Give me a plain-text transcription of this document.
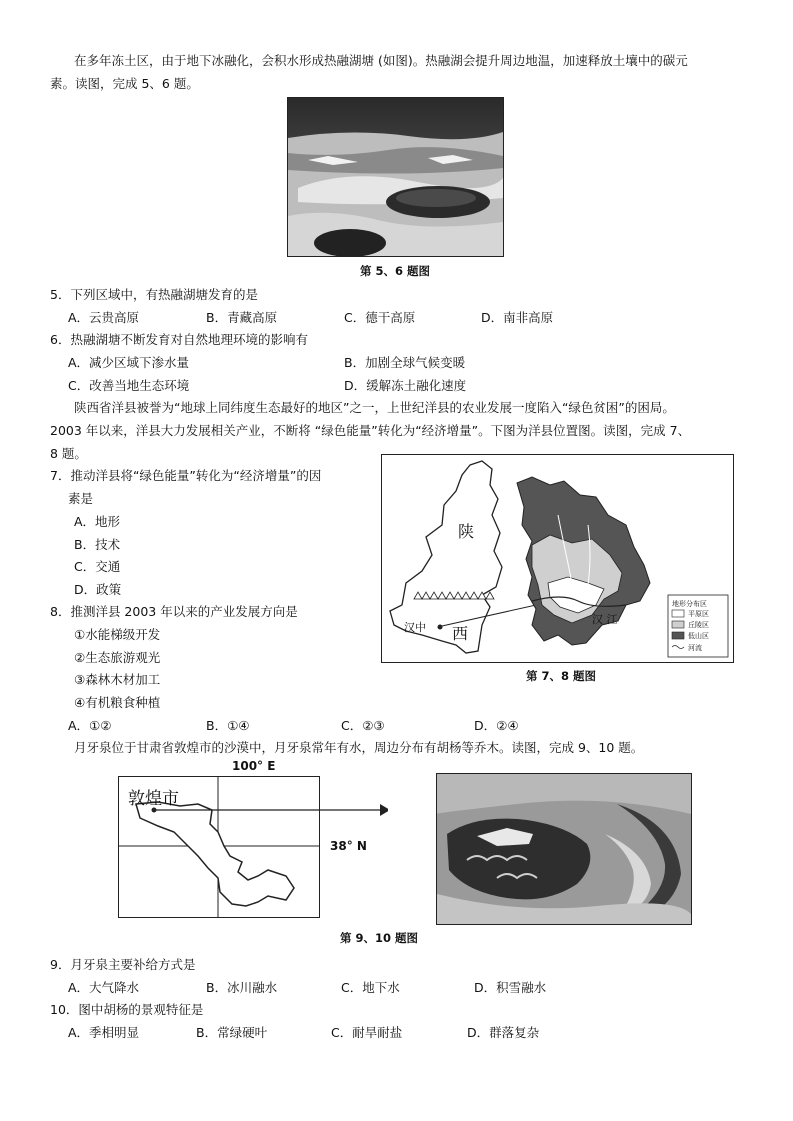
在多年冻土区，由于地下冰融化，会积水形成热融湖塘 (如图)。热融湖会提升周边地温，加速释放土壤中的碳元
素。读图，完成 5、6 题。
第 5、6 题图
5．下列区域中，有热融湖塘发育的是
A．云贵高原	B．青藏高原	C．德干高原	D．南非高原
6．热融湖塘不断发育对自然地理环境的影响有
A．减少区域下渗水量	B．加剧全球气候变暖
C．改善当地生态环境	D．缓解冻土融化速度
陕西省洋县被誉为“地球上同纬度生态最好的地区”之一，上世纪洋县的农业发展一度陷入“绿色贫困”的困局。
2003 年以来，洋县大力发展相关产业，不断将 “绿色能量”转化为“经济增量”。下图为洋县位置图。读图，完成 7、
8 题。
7．推动洋县将“绿色能量”转化为“经济增量”的因
素是
A．地形
B．技术
C．交通
D．政策
8．推测洋县 2003 年以来的产业发展方向是
①水能梯级开发
②生态旅游观光
③森林木材加工
④有机粮食种植
A．①②	B．①④	C．②③	D．②④
陕
西
汉中
汉 江
地形分布区
平原区
丘陵区
低山区
河流
第 7、8 题图
月牙泉位于甘肃省敦煌市的沙漠中，月牙泉常年有水，周边分布有胡杨等乔木。读图，完成 9、10 题。
100° E
敦煌市
38° N
第 9、10 题图
9．月牙泉主要补给方式是
A．大气降水	B．冰川融水	C．地下水	D．积雪融水
10．图中胡杨的景观特征是
A．季相明显	B．常绿硬叶	C．耐旱耐盐	D．群落复杂
